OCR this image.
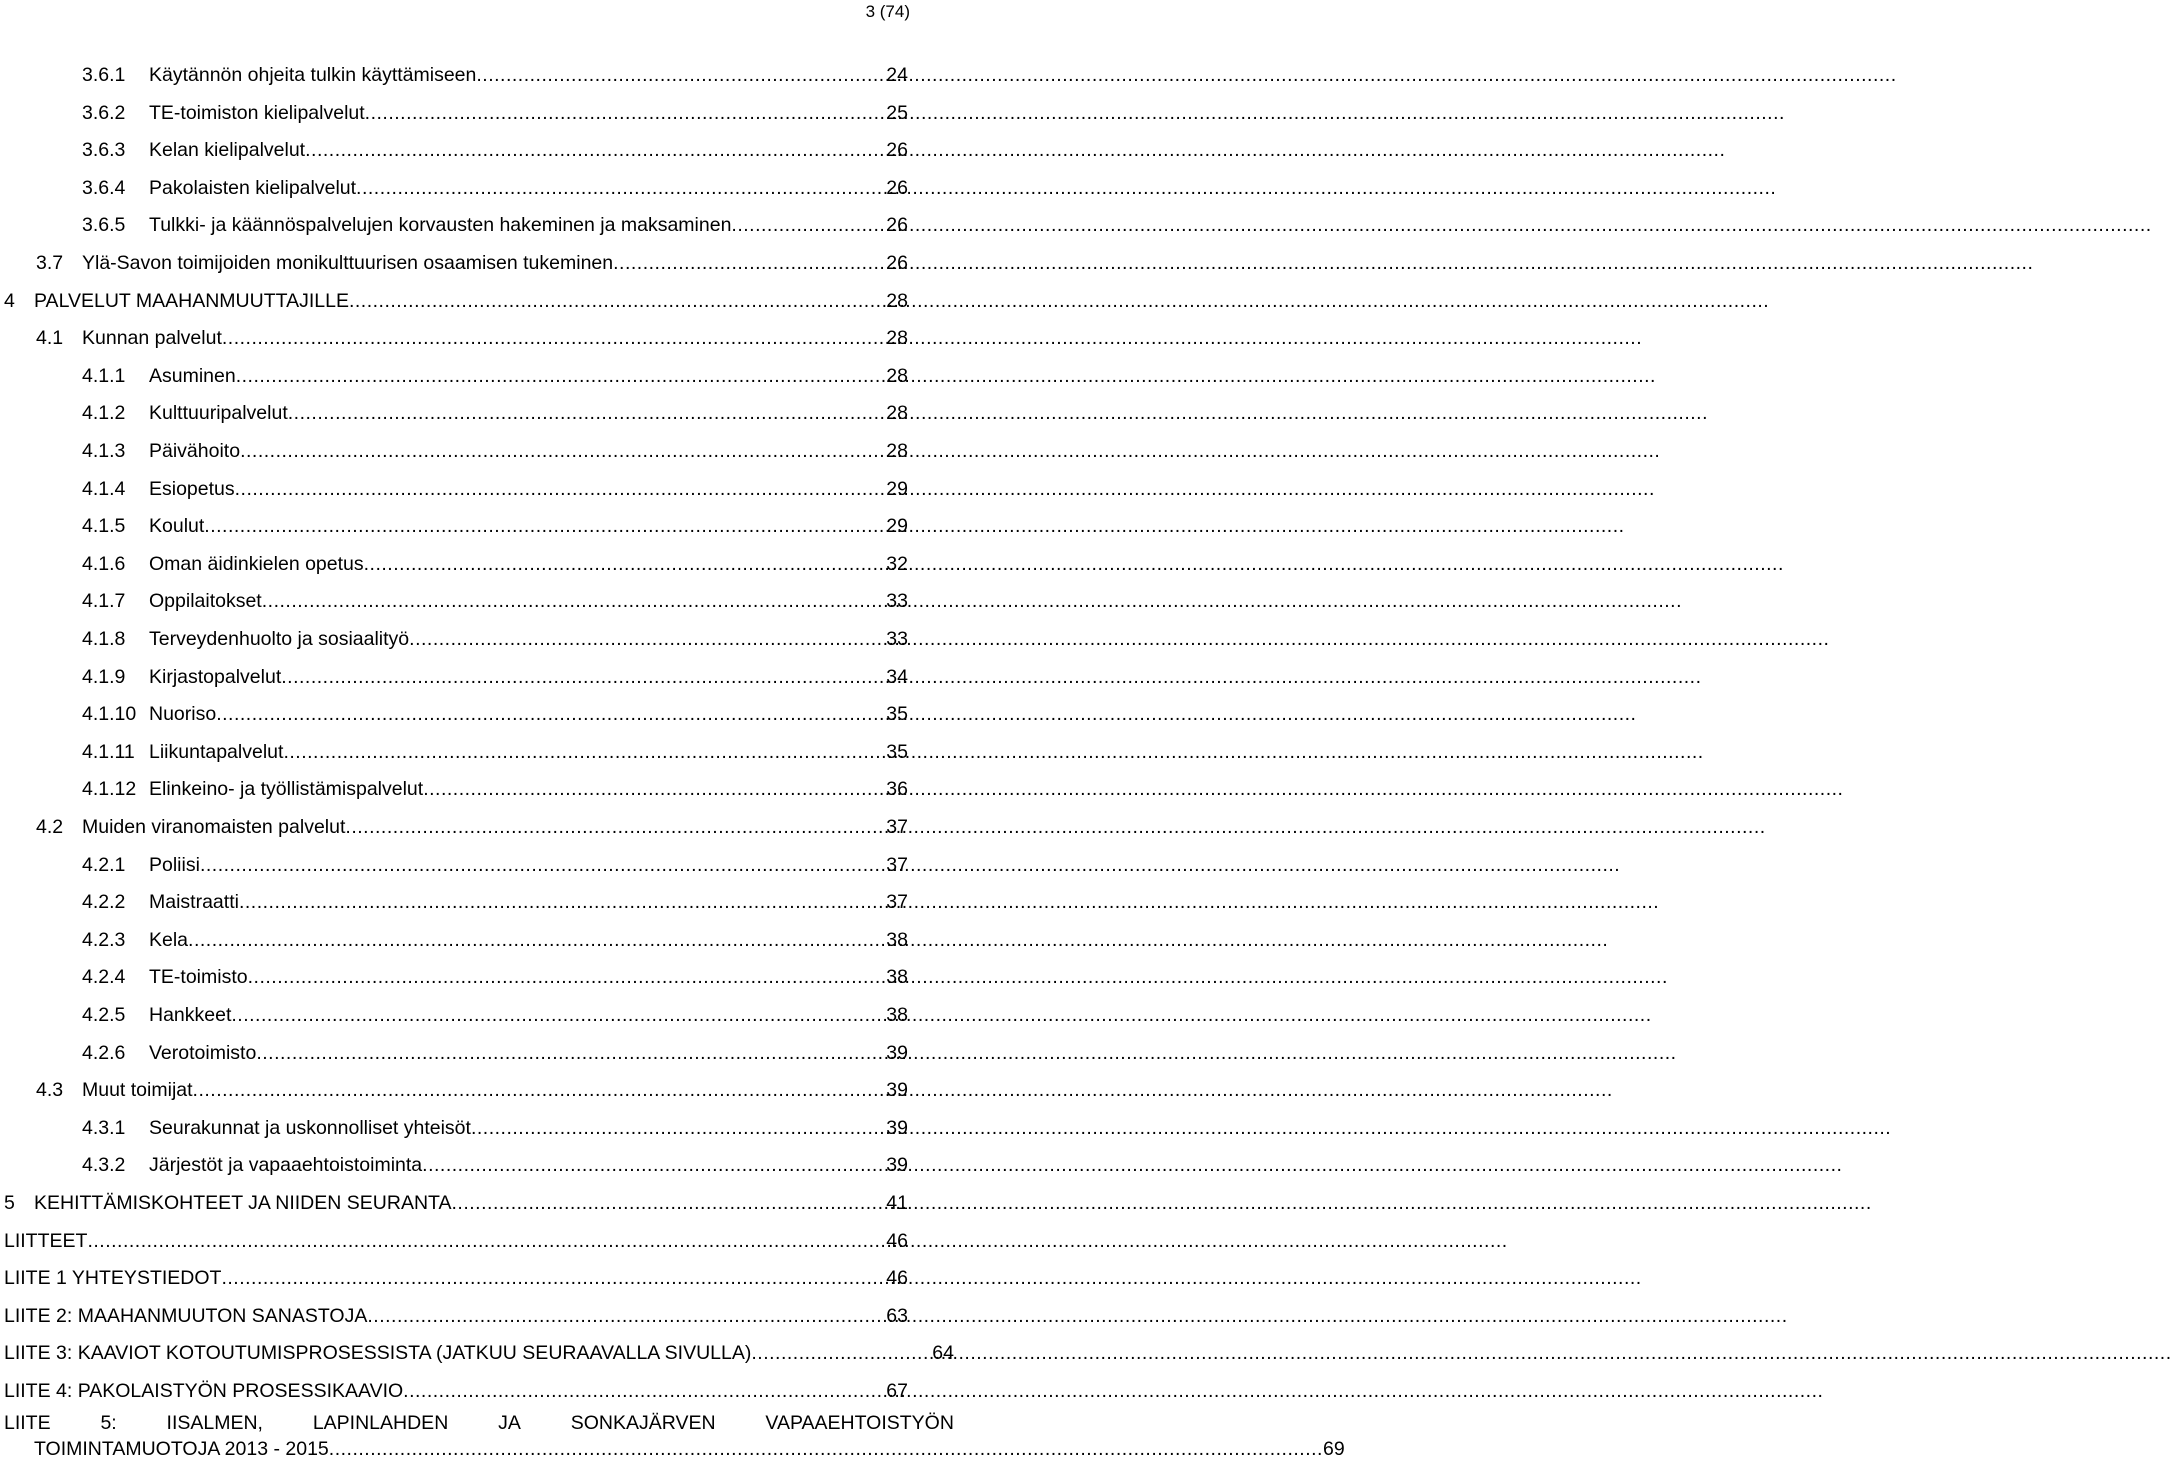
3 (74)
3.6.1	Käytännön ohjeita tulkin käyttämiseen .....	24
3.6.2	TE-toimiston kielipalvelut .....	25
3.6.3	Kelan kielipalvelut .....	26
3.6.4	Pakolaisten kielipalvelut .....	26
3.6.5	Tulkki- ja käännöspalvelujen korvausten hakeminen ja maksaminen .....	26
3.7 Ylä-Savon toimijoiden monikulttuurisen osaamisen tukeminen .....	26
4 PALVELUT MAAHANMUUTTAJILLE .....	28
4.1 Kunnan palvelut .....	28
4.1.1	Asuminen .....	28
4.1.2	Kulttuuripalvelut .....	28
4.1.3	Päivähoito .....	28
4.1.4	Esiopetus .....	29
4.1.5	Koulut .....	29
4.1.6	Oman äidinkielen opetus .....	32
4.1.7	Oppilaitokset .....	33
4.1.8	Terveydenhuolto ja sosiaalityö .....	33
4.1.9	Kirjastopalvelut .....	34
4.1.10 Nuoriso .....	35
4.1.11 Liikuntapalvelut .....	35
4.1.12 Elinkeino- ja työllistämispalvelut .....	36
4.2 Muiden viranomaisten palvelut .....	37
4.2.1	Poliisi .....	37
4.2.2	Maistraatti .....	37
4.2.3	Kela .....	38
4.2.4	TE-toimisto .....	38
4.2.5	Hankkeet .....	38
4.2.6	Verotoimisto .....	39
4.3 Muut toimijat .....	39
4.3.1	Seurakunnat ja uskonnolliset yhteisöt .....	39
4.3.2	Järjestöt ja vapaaehtoistoiminta .....	39
5 KEHITTÄMISKOHTEET JA NIIDEN SEURANTA .....	41
LIITTEET .....	46
LIITE 1 YHTEYSTIEDOT .....	46
LIITE 2: MAAHANMUUTON SANASTOJA .....	63
LIITE 3: KAAVIOT KOTOUTUMISPROSESSISTA (JATKUU SEURAAVALLA SIVULLA) .....	64
LIITE 4: PAKOLAISTYÖN PROSESSIKAAVIO .....	67
LIITE	5:	IISALMEN,	LAPINLAHDEN	JA	SONKAJÄRVEN	VAPAAEHTOISTYÖN
TOIMINTAMUOTOJA 2013 - 2015 ........................................................................................................................................................................ 69
